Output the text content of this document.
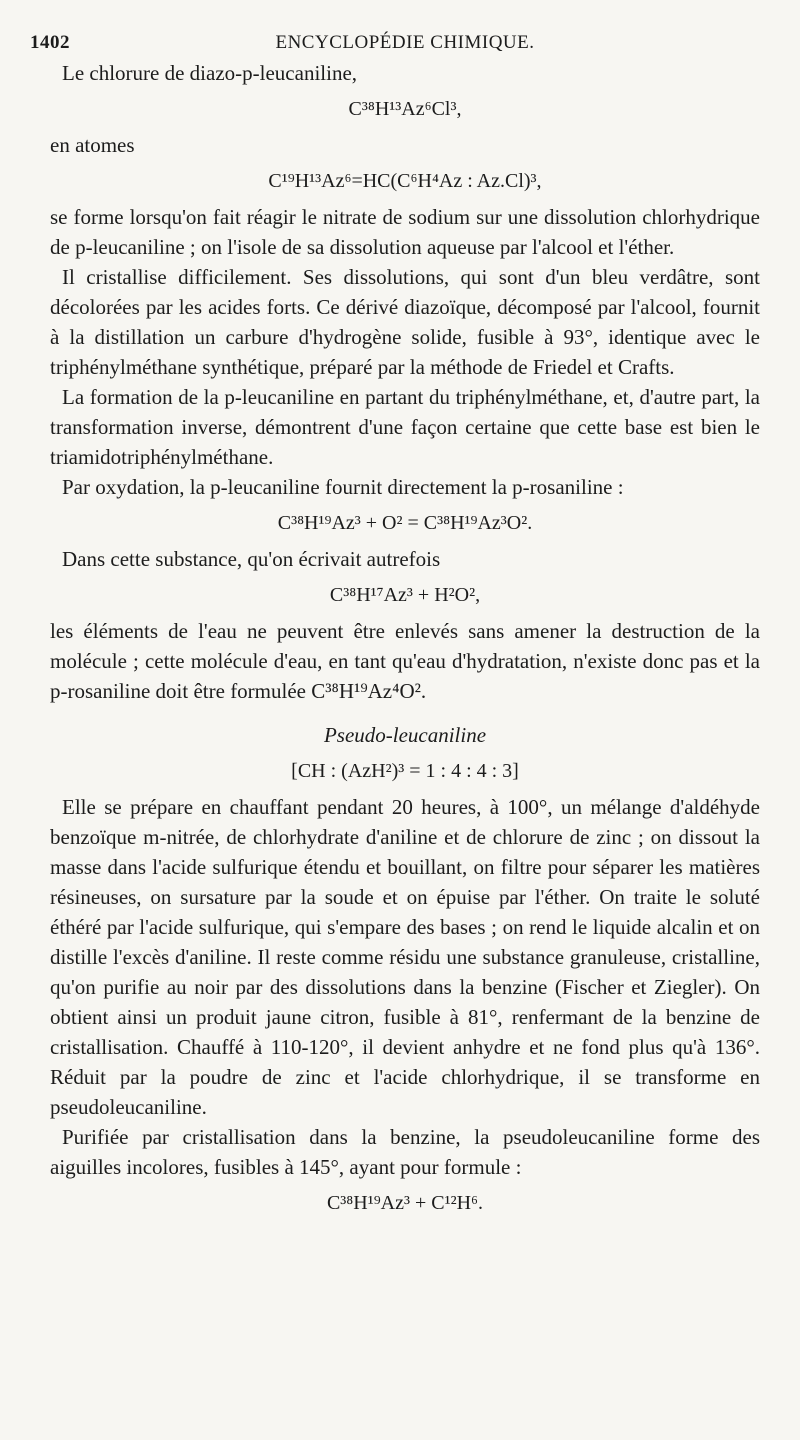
1402	ENCYCLOPÉDIE CHIMIQUE.

Le chlorure de diazo-p-leucaniline,

C³⁸H¹³Az⁶Cl³,

en atomes

C¹⁹H¹³Az⁶=HC(C⁶H⁴Az : Az.Cl)³,

se forme lorsqu'on fait réagir le nitrate de sodium sur une dissolution chlorhydrique de p-leucaniline ; on l'isole de sa dissolution aqueuse par l'alcool et l'éther.

Il cristallise difficilement. Ses dissolutions, qui sont d'un bleu verdâtre, sont décolorées par les acides forts. Ce dérivé diazoïque, décomposé par l'alcool, fournit à la distillation un carbure d'hydrogène solide, fusible à 93°, identique avec le triphénylméthane synthétique, préparé par la méthode de Friedel et Crafts.

La formation de la p-leucaniline en partant du triphénylméthane, et, d'autre part, la transformation inverse, démontrent d'une façon certaine que cette base est bien le triamidotriphénylméthane.

Par oxydation, la p-leucaniline fournit directement la p-rosaniline :

C³⁸H¹⁹Az³ + O² = C³⁸H¹⁹Az³O².

Dans cette substance, qu'on écrivait autrefois

C³⁸H¹⁷Az³ + H²O²,

les éléments de l'eau ne peuvent être enlevés sans amener la destruction de la molécule ; cette molécule d'eau, en tant qu'eau d'hydratation, n'existe donc pas et la p-rosaniline doit être formulée C³⁸H¹⁹Az⁴O².

Pseudo-leucaniline
[CH : (AzH²)³ = 1 : 4 : 4 : 3]

Elle se prépare en chauffant pendant 20 heures, à 100°, un mélange d'aldéhyde benzoïque m-nitrée, de chlorhydrate d'aniline et de chlorure de zinc ; on dissout la masse dans l'acide sulfurique étendu et bouillant, on filtre pour séparer les matières résineuses, on sursature par la soude et on épuise par l'éther. On traite le soluté éthéré par l'acide sulfurique, qui s'empare des bases ; on rend le liquide alcalin et on distille l'excès d'aniline. Il reste comme résidu une substance granuleuse, cristalline, qu'on purifie au noir par des dissolutions dans la benzine (Fischer et Ziegler). On obtient ainsi un produit jaune citron, fusible à 81°, renfermant de la benzine de cristallisation. Chauffé à 110-120°, il devient anhydre et ne fond plus qu'à 136°. Réduit par la poudre de zinc et l'acide chlorhydrique, il se transforme en pseudoleucaniline.

Purifiée par cristallisation dans la benzine, la pseudoleucaniline forme des aiguilles incolores, fusibles à 145°, ayant pour formule :

C³⁸H¹⁹Az³ + C¹²H⁶.
